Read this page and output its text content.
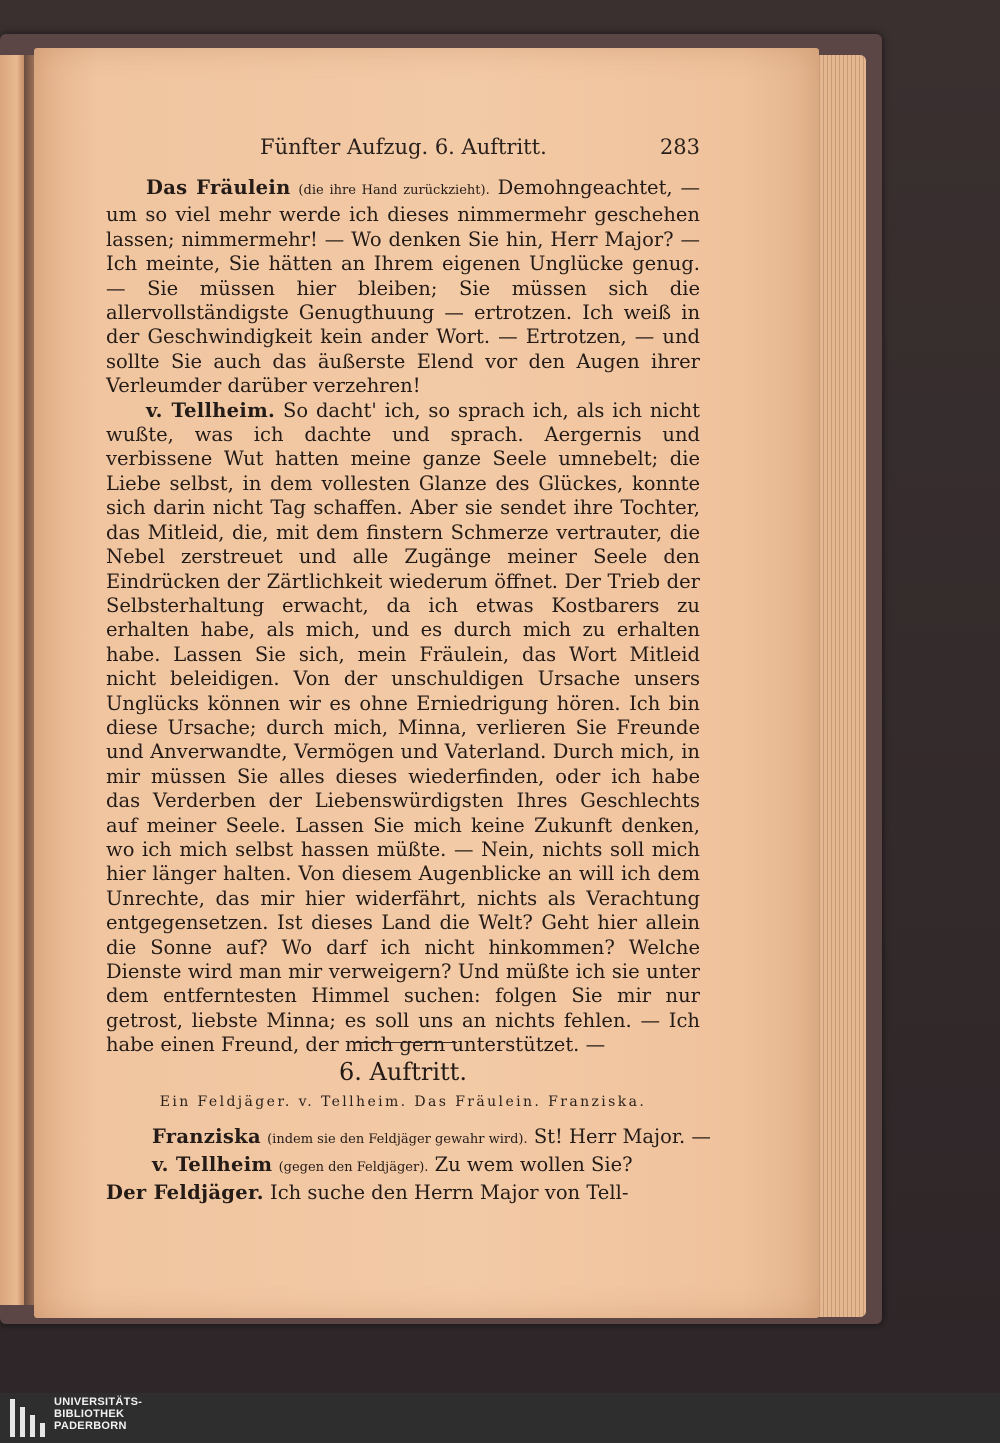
Fünfter Aufzug. 6. Auftritt.	283

Das Fräulein (die ihre Hand zurückzieht). Demohngeachtet, — um so viel mehr werde ich dieses nimmermehr geschehen lassen; nimmermehr! — Wo denken Sie hin, Herr Major? — Ich meinte, Sie hätten an Ihrem eigenen Unglücke genug. — Sie müssen hier bleiben; Sie müssen sich die allervollständigste Genugthuung — ertrotzen. Ich weiß in der Geschwindigkeit kein ander Wort. — Ertrotzen, — und sollte Sie auch das äußerste Elend vor den Augen ihrer Verleumder darüber verzehren!

v. Tellheim. So dacht' ich, so sprach ich, als ich nicht wußte, was ich dachte und sprach. Aergernis und verbissene Wut hatten meine ganze Seele umnebelt; die Liebe selbst, in dem vollesten Glanze des Glückes, konnte sich darin nicht Tag schaffen. Aber sie sendet ihre Tochter, das Mitleid, die, mit dem finstern Schmerze vertrauter, die Nebel zerstreuet und alle Zugänge meiner Seele den Eindrücken der Zärtlichkeit wiederum öffnet. Der Trieb der Selbsterhaltung erwacht, da ich etwas Kostbarers zu erhalten habe, als mich, und es durch mich zu erhalten habe. Lassen Sie sich, mein Fräulein, das Wort Mitleid nicht beleidigen. Von der unschuldigen Ursache unsers Unglücks können wir es ohne Erniedrigung hören. Ich bin diese Ursache; durch mich, Minna, verlieren Sie Freunde und Anverwandte, Vermögen und Vaterland. Durch mich, in mir müssen Sie alles dieses wiederfinden, oder ich habe das Verderben der Liebenswürdigsten Ihres Geschlechts auf meiner Seele. Lassen Sie mich keine Zukunft denken, wo ich mich selbst hassen müßte. — Nein, nichts soll mich hier länger halten. Von diesem Augenblicke an will ich dem Unrechte, das mir hier widerfährt, nichts als Verachtung entgegensetzen. Ist dieses Land die Welt? Geht hier allein die Sonne auf? Wo darf ich nicht hinkommen? Welche Dienste wird man mir verweigern? Und müßte ich sie unter dem entferntesten Himmel suchen: folgen Sie mir nur getrost, liebste Minna; es soll uns an nichts fehlen. — Ich habe einen Freund, der mich gern unterstützet. —

6. Auftritt.
Ein Feldjäger. v. Tellheim. Das Fräulein. Franziska.
Franziska (indem sie den Feldjäger gewahr wird). St! Herr Major. —
v. Tellheim (gegen den Feldjäger). Zu wem wollen Sie?
Der Feldjäger. Ich suche den Herrn Major von Tell-
UNIVERSITÄTS-
BIBLIOTHEK
PADERBORN
